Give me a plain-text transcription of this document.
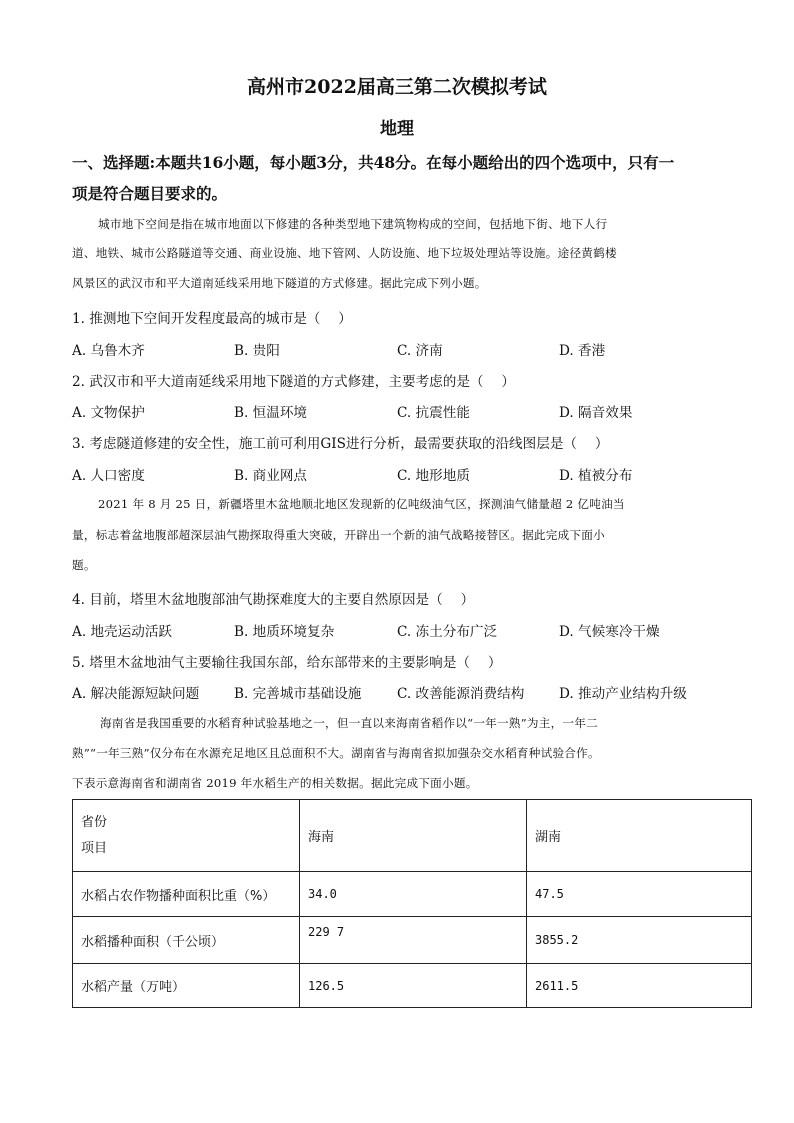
高州市2022届高三第二次模拟考试
地理
一、选择题:本题共16小题，每小题3分，共48分。在每小题给出的四个选项中，只有一
项是符合题目要求的。
城市地下空间是指在城市地面以下修建的各种类型地下建筑物构成的空间，包括地下街、地下人行
道、地铁、城市公路隧道等交通、商业设施、地下管网、人防设施、地下垃圾处理站等设施。途径黄鹤楼
风景区的武汉市和平大道南延线采用地下隧道的方式修建。据此完成下列小题。
1. 推测地下空间开发程度最高的城市是（　 ）
A. 乌鲁木齐	B. 贵阳	C. 济南	D. 香港
2. 武汉市和平大道南延线采用地下隧道的方式修建，主要考虑的是（　 ）
A. 文物保护	B. 恒温环境	C. 抗震性能	D. 隔音效果
3. 考虑隧道修建的安全性，施工前可利用GIS进行分析，最需要获取的沿线图层是（　 ）
A. 人口密度	B. 商业网点	C. 地形地质	D. 植被分布
2021 年 8 月 25 日，新疆塔里木盆地顺北地区发现新的亿吨级油气区，探测油气储量超 2 亿吨油当
量，标志着盆地腹部超深层油气勘探取得重大突破，开辟出一个新的油气战略接替区。据此完成下面小
题。
4. 目前，塔里木盆地腹部油气勘探难度大的主要自然原因是（　 ）
A. 地壳运动活跃	B. 地质环境复杂	C. 冻土分布广泛	D. 气候寒冷干燥
5. 塔里木盆地油气主要输往我国东部，给东部带来的主要影响是（　 ）
A. 解决能源短缺问题	B. 完善城市基础设施	C. 改善能源消费结构	D. 推动产业结构升级
海南省是我国重要的水稻育种试验基地之一，但一直以来海南省稻作以“一年一熟”为主，一年二
熟”“一年三熟”仅分布在水源充足地区且总面积不大。湖南省与海南省拟加强杂交水稻育种试验合作。
下表示意海南省和湖南省 2019 年水稻生产的相关数据。据此完成下面小题。
省份
项目	海南	湖南
水稻占农作物播种面积比重（%）	34.0	47.5
水稻播种面积（千公顷）	229 7	3855.2
水稻产量（万吨）	126.5	2611.5
